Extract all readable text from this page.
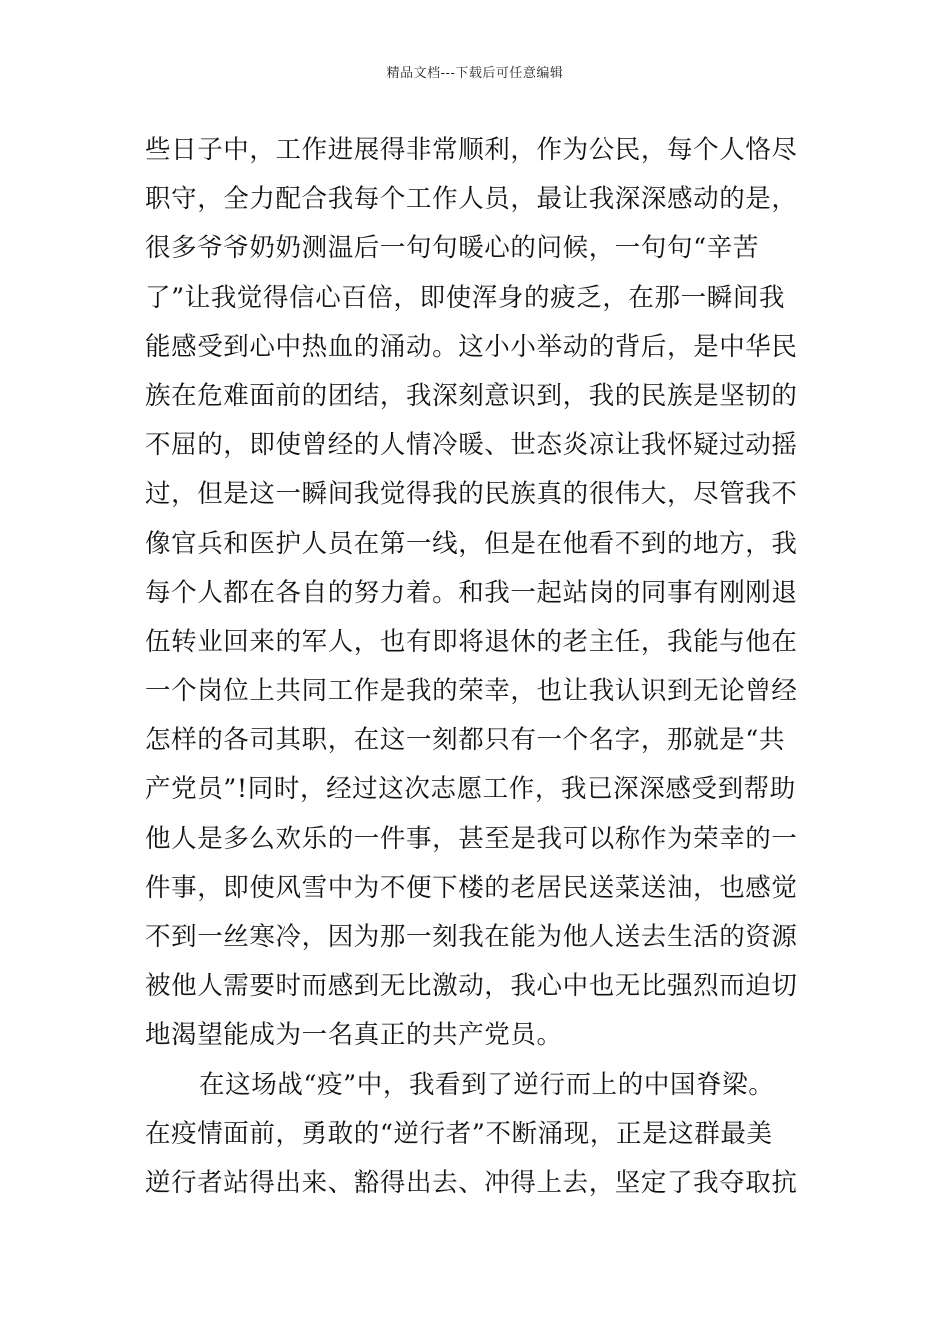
精品文档---下载后可任意编辑
些日子中，工作进展得非常顺利，作为公民，每个人恪尽
职守，全力配合我每个工作人员，最让我深深感动的是，
很多爷爷奶奶测温后一句句暖心的问候，一句句“辛苦
了”让我觉得信心百倍，即使浑身的疲乏，在那一瞬间我
能感受到心中热血的涌动。这小小举动的背后，是中华民
族在危难面前的团结，我深刻意识到，我的民族是坚韧的
不屈的，即使曾经的人情冷暖、世态炎凉让我怀疑过动摇
过，但是这一瞬间我觉得我的民族真的很伟大，尽管我不
像官兵和医护人员在第一线，但是在他看不到的地方，我
每个人都在各自的努力着。和我一起站岗的同事有刚刚退
伍转业回来的军人，也有即将退休的老主任，我能与他在
一个岗位上共同工作是我的荣幸，也让我认识到无论曾经
怎样的各司其职，在这一刻都只有一个名字，那就是“共
产党员”!同时，经过这次志愿工作，我已深深感受到帮助
他人是多么欢乐的一件事，甚至是我可以称作为荣幸的一
件事，即使风雪中为不便下楼的老居民送菜送油，也感觉
不到一丝寒冷，因为那一刻我在能为他人送去生活的资源
被他人需要时而感到无比激动，我心中也无比强烈而迫切
地渴望能成为一名真正的共产党员。
在这场战“疫”中，我看到了逆行而上的中国脊梁。
在疫情面前，勇敢的“逆行者”不断涌现，正是这群最美
逆行者站得出来、豁得出去、冲得上去，坚定了我夺取抗
